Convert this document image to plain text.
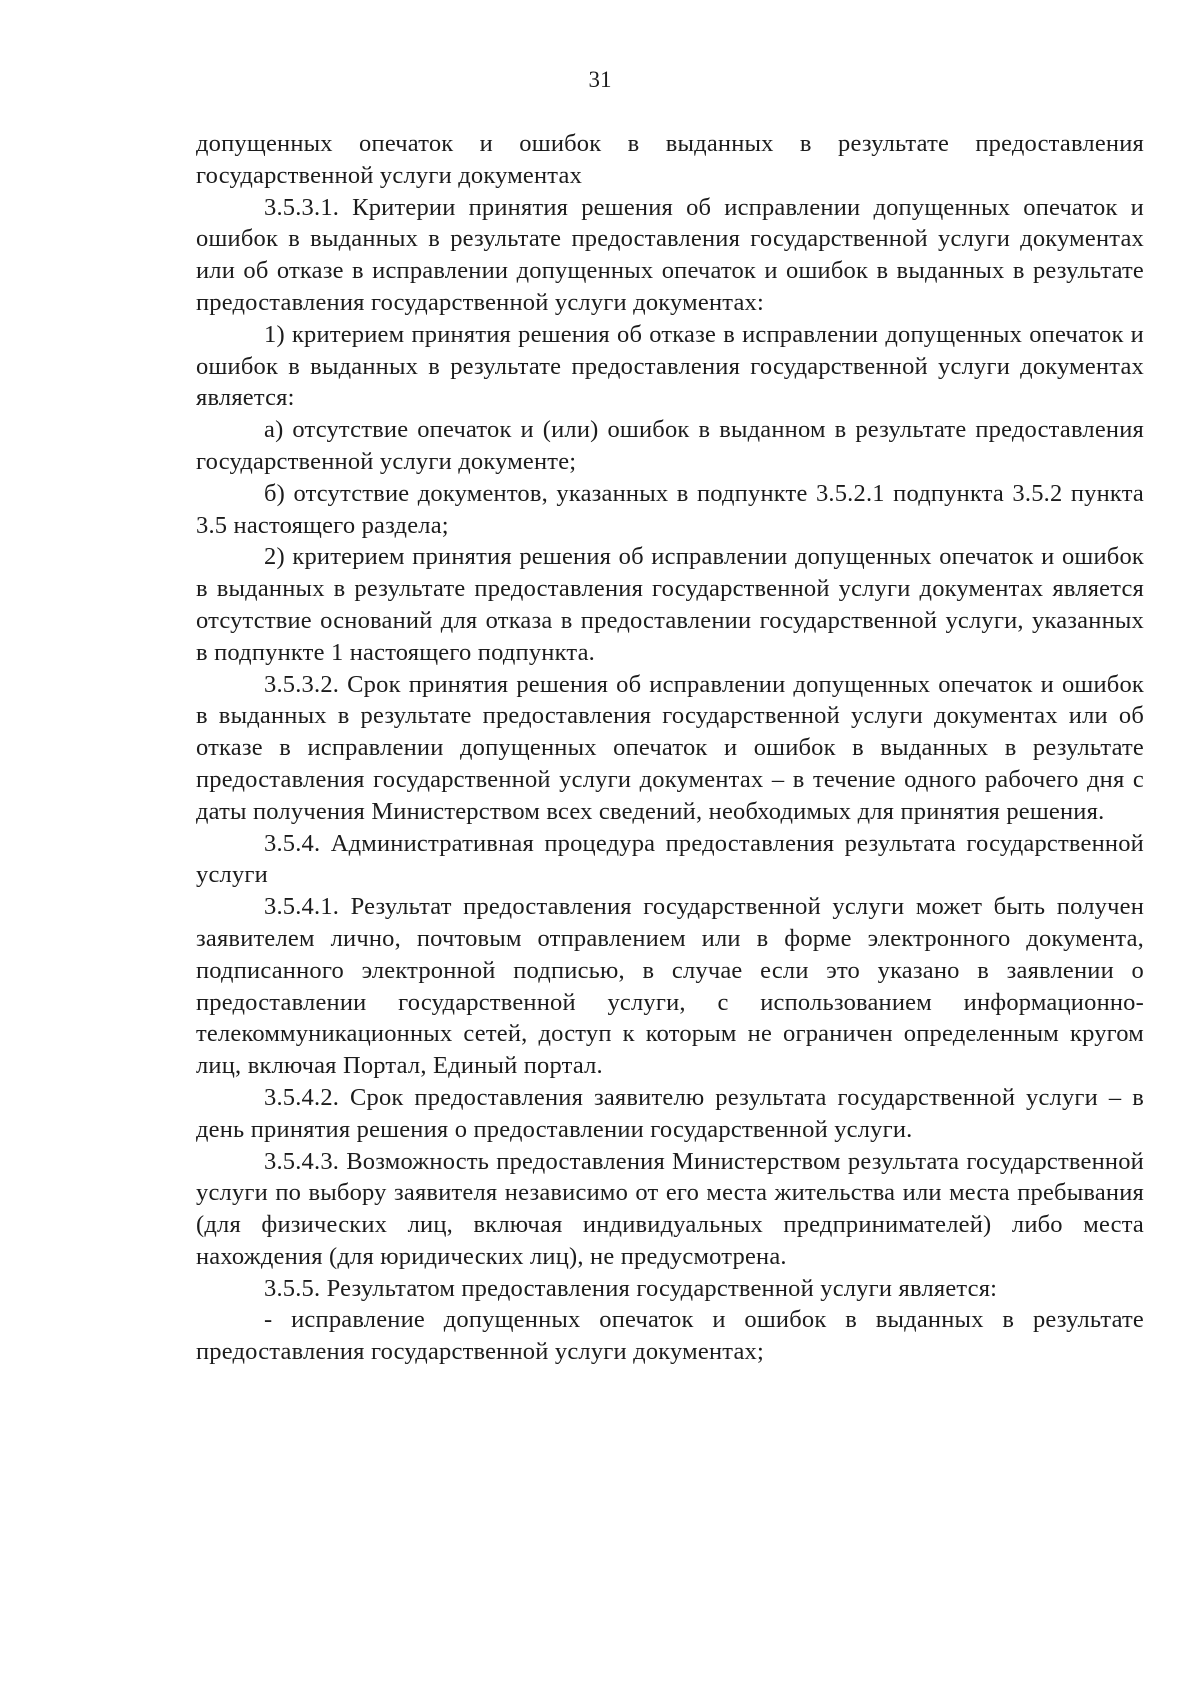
31

допущенных опечаток и ошибок в выданных в результате предоставления государственной услуги документах

3.5.3.1. Критерии принятия решения об исправлении допущенных опечаток и ошибок в выданных в результате предоставления государственной услуги документах или об отказе в исправлении допущенных опечаток и ошибок в выданных в результате предоставления государственной услуги документах:

1) критерием принятия решения об отказе в исправлении допущенных опечаток и ошибок в выданных в результате предоставления государственной услуги документах является:

а) отсутствие опечаток и (или) ошибок в выданном в результате предоставления государственной услуги документе;

б) отсутствие документов, указанных в подпункте 3.5.2.1 подпункта 3.5.2 пункта 3.5 настоящего раздела;

2) критерием принятия решения об исправлении допущенных опечаток и ошибок в выданных в результате предоставления государственной услуги документах является отсутствие оснований для отказа в предоставлении государственной услуги, указанных в подпункте 1 настоящего подпункта.

3.5.3.2. Срок принятия решения об исправлении допущенных опечаток и ошибок в выданных в результате предоставления государственной услуги документах или об отказе в исправлении допущенных опечаток и ошибок в выданных в результате предоставления государственной услуги документах – в течение одного рабочего дня с даты получения Министерством всех сведений, необходимых для принятия решения.

3.5.4. Административная процедура предоставления результата государственной услуги

3.5.4.1. Результат предоставления государственной услуги может быть получен заявителем лично, почтовым отправлением или в форме электронного документа, подписанного электронной подписью, в случае если это указано в заявлении о предоставлении государственной услуги, с использованием информационно-телекоммуникационных сетей, доступ к которым не ограничен определенным кругом лиц, включая Портал, Единый портал.

3.5.4.2. Срок предоставления заявителю результата государственной услуги – в день принятия решения о предоставлении государственной услуги.

3.5.4.3. Возможность предоставления Министерством результата государственной услуги по выбору заявителя независимо от его места жительства или места пребывания (для физических лиц, включая индивидуальных предпринимателей) либо места нахождения (для юридических лиц), не предусмотрена.

3.5.5. Результатом предоставления государственной услуги является:

- исправление допущенных опечаток и ошибок в выданных в результате предоставления государственной услуги документах;
